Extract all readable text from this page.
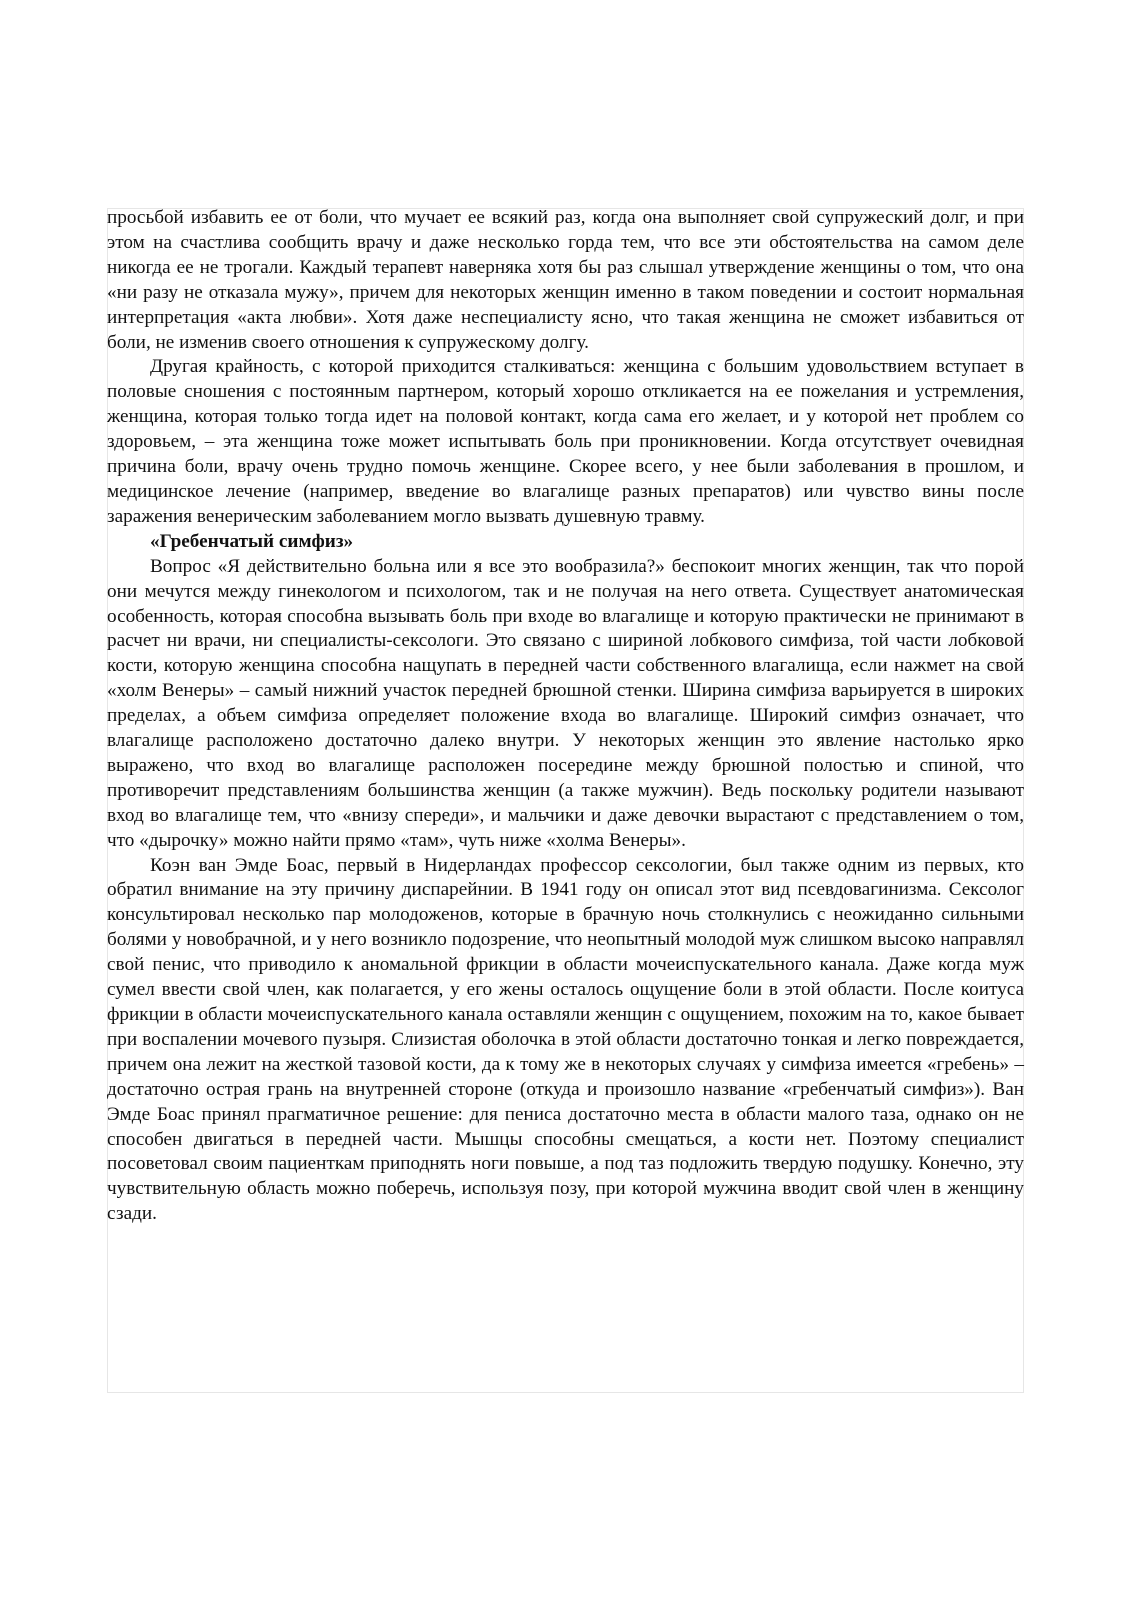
просьбой избавить ее от боли, что мучает ее всякий раз, когда она выполняет свой супружеский долг, и при этом на счастлива сообщить врачу и даже несколько горда тем, что все эти обстоятельства на самом деле никогда ее не трогали. Каждый терапевт наверняка хотя бы раз слышал утверждение женщины о том, что она «ни разу не отказала мужу», причем для некоторых женщин именно в таком поведении и состоит нормальная интерпретация «акта любви». Хотя даже неспециалисту ясно, что такая женщина не сможет избавиться от боли, не изменив своего отношения к супружескому долгу.

Другая крайность, с которой приходится сталкиваться: женщина с большим удовольствием вступает в половые сношения с постоянным партнером, который хорошо откликается на ее пожелания и устремления, женщина, которая только тогда идет на половой контакт, когда сама его желает, и у которой нет проблем со здоровьем, – эта женщина тоже может испытывать боль при проникновении. Когда отсутствует очевидная причина боли, врачу очень трудно помочь женщине. Скорее всего, у нее были заболевания в прошлом, и медицинское лечение (например, введение во влагалище разных препаратов) или чувство вины после заражения венерическим заболеванием могло вызвать душевную травму.

«Гребенчатый симфиз»

Вопрос «Я действительно больна или я все это вообразила?» беспокоит многих женщин, так что порой они мечутся между гинекологом и психологом, так и не получая на него ответа. Существует анатомическая особенность, которая способна вызывать боль при входе во влагалище и которую практически не принимают в расчет ни врачи, ни специалисты-сексологи. Это связано с шириной лобкового симфиза, той части лобковой кости, которую женщина способна нащупать в передней части собственного влагалища, если нажмет на свой «холм Венеры» – самый нижний участок передней брюшной стенки. Ширина симфиза варьируется в широких пределах, а объем симфиза определяет положение входа во влагалище. Широкий симфиз означает, что влагалище расположено достаточно далеко внутри. У некоторых женщин это явление настолько ярко выражено, что вход во влагалище расположен посередине между брюшной полостью и спиной, что противоречит представлениям большинства женщин (а также мужчин). Ведь поскольку родители называют вход во влагалище тем, что «внизу спереди», и мальчики и даже девочки вырастают с представлением о том, что «дырочку» можно найти прямо «там», чуть ниже «холма Венеры».

Коэн ван Эмде Боас, первый в Нидерландах профессор сексологии, был также одним из первых, кто обратил внимание на эту причину диспарейнии. В 1941 году он описал этот вид псевдовагинизма. Сексолог консультировал несколько пар молодоженов, которые в брачную ночь столкнулись с неожиданно сильными болями у новобрачной, и у него возникло подозрение, что неопытный молодой муж слишком высоко направлял свой пенис, что приводило к аномальной фрикции в области мочеиспускательного канала. Даже когда муж сумел ввести свой член, как полагается, у его жены осталось ощущение боли в этой области. После коитуса фрикции в области мочеиспускательного канала оставляли женщин с ощущением, похожим на то, какое бывает при воспалении мочевого пузыря. Слизистая оболочка в этой области достаточно тонкая и легко повреждается, причем она лежит на жесткой тазовой кости, да к тому же в некоторых случаях у симфиза имеется «гребень» – достаточно острая грань на внутренней стороне (откуда и произошло название «гребенчатый симфиз»). Ван Эмде Боас принял прагматичное решение: для пениса достаточно места в области малого таза, однако он не способен двигаться в передней части. Мышцы способны смещаться, а кости нет. Поэтому специалист посоветовал своим пациенткам приподнять ноги повыше, а под таз подложить твердую подушку. Конечно, эту чувствительную область можно поберечь, используя позу, при которой мужчина вводит свой член в женщину сзади.
